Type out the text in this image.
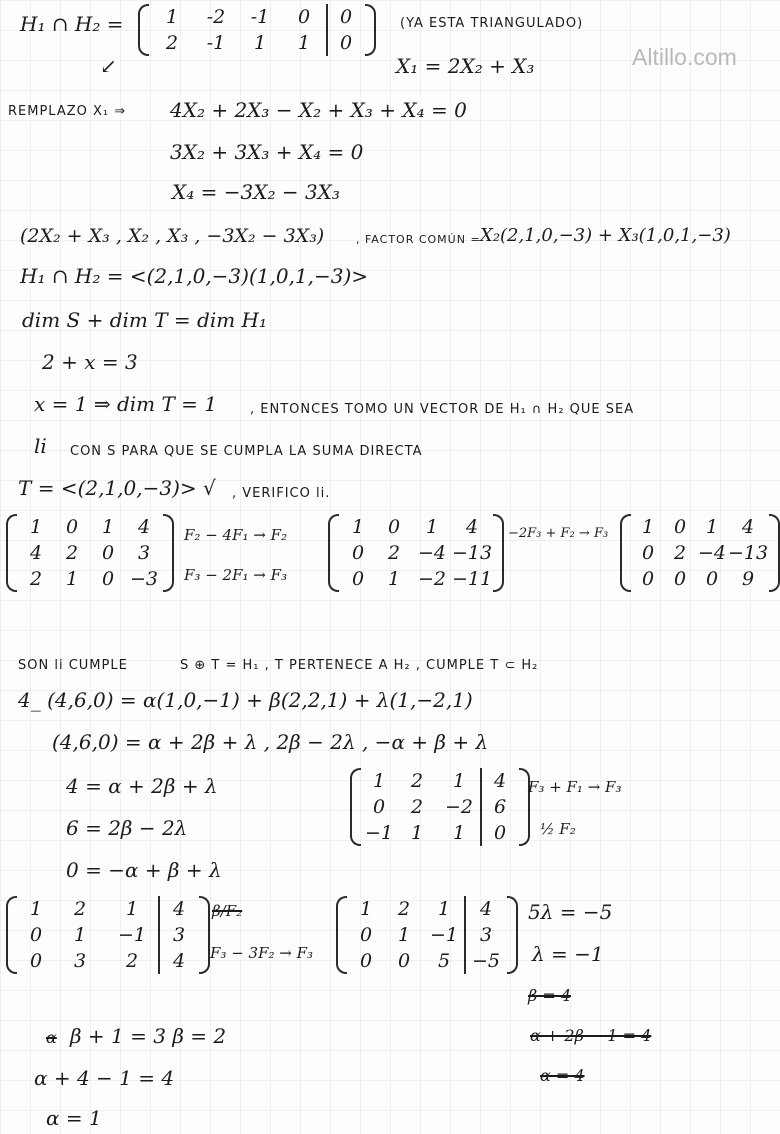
Altillo.com
H₁ ∩ H₂ = 1	-2	-1	0	0
2	-1	1	1	0
(YA ESTA TRIANGULADO)
↙	X₁ = 2X₂ + X₃
REMPLAZO X₁ ⇒ 4X₂ + 2X₃ − X₂ + X₃ + X₄ = 0
3X₂ + 3X₃ + X₄ = 0
X₄ = −3X₂ − 3X₃
(2X₂ + X₃ , X₂ , X₃ , −3X₂ − 3X₃)	, FACTOR COMÚN = X₂(2,1,0,−3) + X₃(1,0,1,−3)
H₁ ∩ H₂ = <(2,1,0,−3)(1,0,1,−3)>
dim S + dim T = dim H₁
2 + x = 3
x = 1 ⇒ dim T = 1	, ENTONCES TOMO UN VECTOR DE H₁ ∩ H₂ QUE SEA
li CON S PARA QUE SE CUMPLA LA SUMA DIRECTA
T = <(2,1,0,−3)> √ , VERIFICO li.
1	0	1	4
4	2	0	3
2	1	0	−3
F₂ − 4F₁ → F₂
F₃ − 2F₁ → F₃
1	0	1	4
0	2	−4	−13
0	1	−2	−11
−2F₃ + F₂ → F₃ 1	0	1	4
0	2	−4	−13
0	0	0	9
SON li CUMPLE	S ⊕ T = H₁ , T PERTENECE A H₂ , CUMPLE T ⊂ H₂
4_ (4,6,0) = α(1,0,−1) + β(2,2,1) + λ(1,−2,1)
(4,6,0) = α + 2β + λ , 2β − 2λ , −α + β + λ
4 = α + 2β + λ
6 = 2β − 2λ
0 = −α + β + λ
1	2	1	4
0	2	−2	6
−1	1	1	0
F₃ + F₁ → F₃
½ F₂
1	2	1	4
0	1	−1	3
0	3	2	4
β/F₂
F₃ − 3F₂ → F₃
1	2	1	4
0	1	−1	3
0	0	5	−5
5λ = −5
λ = −1
β = 4
α + 2β − 1 = 4
α = 4
α β + 1 = 3 β = 2
α + 4 − 1 = 4
α = 1
